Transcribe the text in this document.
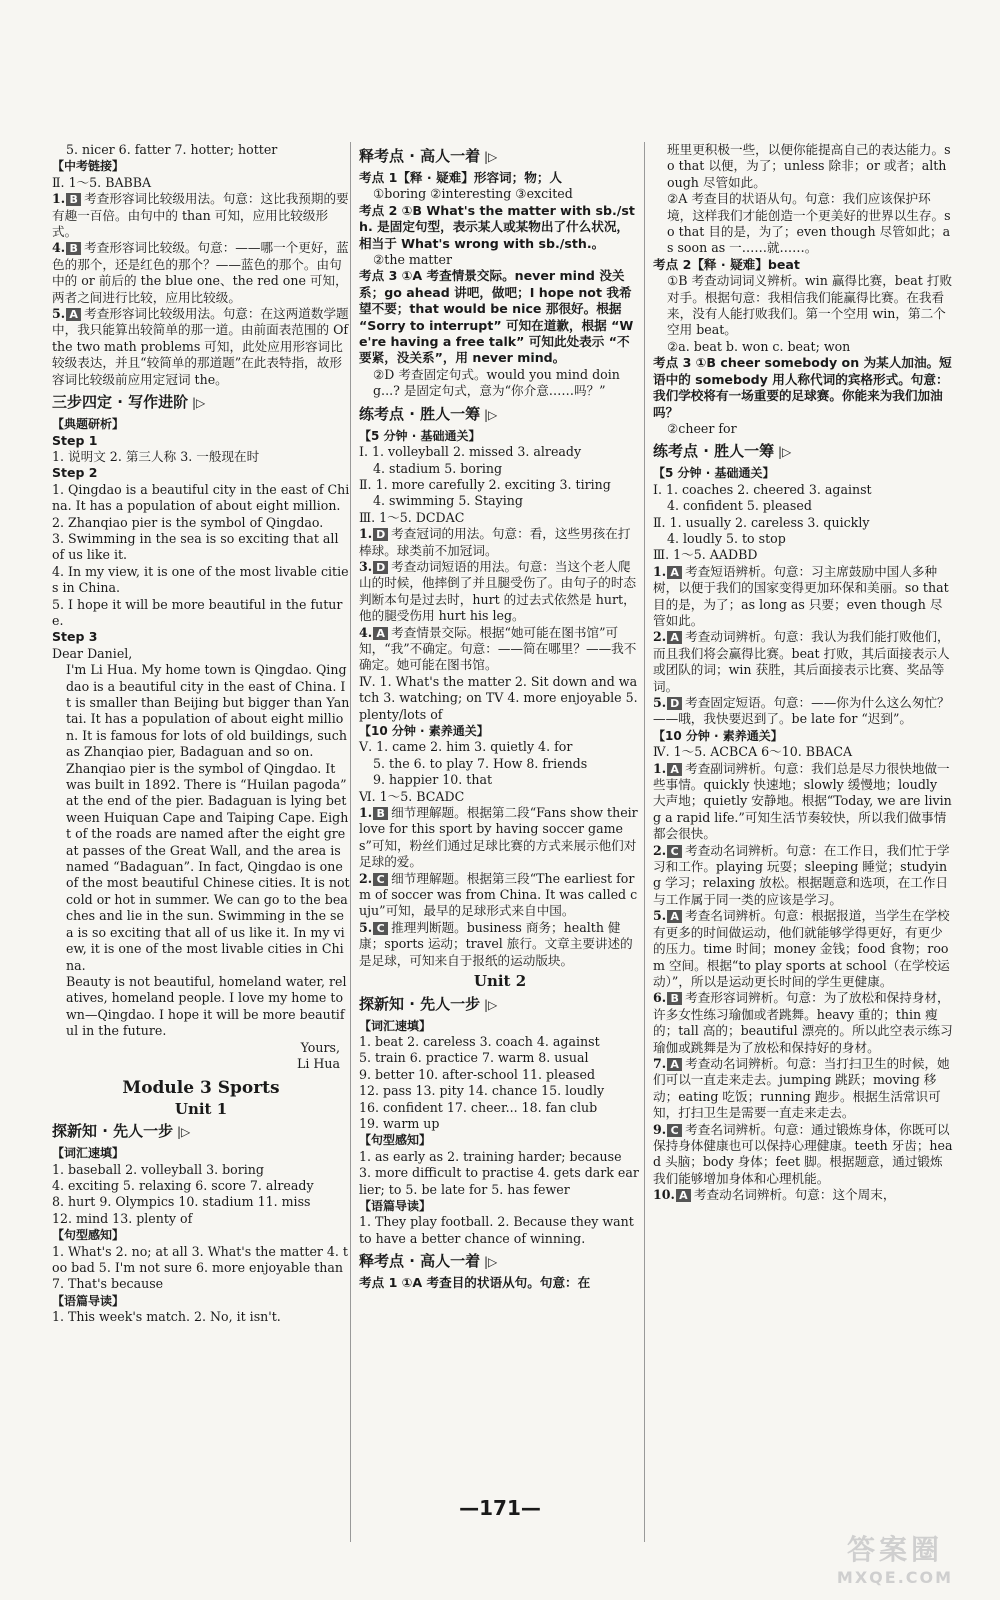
5. nicer 6. fatter 7. hotter; hotter
【中考链接】
Ⅱ. 1～5. BABBA
1. B 考查形容词比较级用法。句意：这比我预期的要有趣一百倍。由句中的 than 可知，应用比较级形式。
4. B 考查形容词比较级。句意：——哪一个更好，蓝色的那个，还是红色的那个？——蓝色的那个。由句中的 or 前后的 the blue one、the red one 可知，两者之间进行比较，应用比较级。
5. A 考查形容词比较级用法。句意：在这两道数学题中，我只能算出较简单的那一道。由前面表范围的 Of the two math problems 可知，此处应用形容词比较级表达，并且“较简单的那道题”在此表特指，故形容词比较级前应用定冠词 the。
三步四定 · 写作进阶 |▷
【典题研析】
Step 1
1. 说明文 2. 第三人称 3. 一般现在时
Step 2
1. Qingdao is a beautiful city in the east of China. It has a population of about eight million.
2. Zhanqiao pier is the symbol of Qingdao.
3. Swimming in the sea is so exciting that all of us like it.
4. In my view, it is one of the most livable cities in China.
5. I hope it will be more beautiful in the future.
Step 3
Dear Daniel,
I'm Li Hua. My home town is Qingdao. Qingdao is a beautiful city in the east of China. It is smaller than Beijing but bigger than Yantai. It has a population of about eight million. It is famous for lots of old buildings, such as Zhanqiao pier, Badaguan and so on.
Zhanqiao pier is the symbol of Qingdao. It was built in 1892. There is “Huilan pagoda” at the end of the pier. Badaguan is lying between Huiquan Cape and Taiping Cape. Eight of the roads are named after the eight great passes of the Great Wall, and the area is named “Badaguan”. In fact, Qingdao is one of the most beautiful Chinese cities. It is not cold or hot in summer. We can go to the beaches and lie in the sun. Swimming in the sea is so exciting that all of us like it. In my view, it is one of the most livable cities in China.
Beauty is not beautiful, homeland water, relatives, homeland people. I love my home town—Qingdao. I hope it will be more beautiful in the future.
Yours,
Li Hua
Module 3 Sports
Unit 1
探新知 · 先人一步 |▷
【词汇速填】
1. baseball 2. volleyball 3. boring
4. exciting 5. relaxing 6. score 7. already
8. hurt 9. Olympics 10. stadium 11. miss
12. mind 13. plenty of
【句型感知】
1. What's 2. no; at all 3. What's the matter 4. too bad 5. I'm not sure 6. more enjoyable than 7. That's because
【语篇导读】
1. This week's match. 2. No, it isn't.
释考点 · 高人一着 |▷
考点 1【释 · 疑难】形容词；物；人
①boring ②interesting ③excited
考点 2 ①B What's the matter with sb./sth. 是固定句型，表示某人或某物出了什么状况，相当于 What's wrong with sb./sth.。
②the matter
考点 3 ①A 考查情景交际。never mind 没关系；go ahead 讲吧，做吧；I hope not 我希望不要；that would be nice 那很好。根据 “Sorry to interrupt” 可知在道歉，根据 “We're having a free talk” 可知此处表示 “不要紧，没关系”，用 never mind。
②D 考查固定句式。would you mind doing...? 是固定句式，意为“你介意……吗？”
练考点 · 胜人一筹 |▷
【5 分钟 · 基础通关】
Ⅰ. 1. volleyball 2. missed 3. already
4. stadium 5. boring
Ⅱ. 1. more carefully 2. exciting 3. tiring
4. swimming 5. Staying
Ⅲ. 1～5. DCDAC
1. D 考查冠词的用法。句意：看，这些男孩在打棒球。球类前不加冠词。
3. D 考查动词短语的用法。句意：当这个老人爬山的时候，他摔倒了并且腿受伤了。由句子的时态判断本句是过去时，hurt 的过去式依然是 hurt，他的腿受伤用 hurt his leg。
4. A 考查情景交际。根据“她可能在图书馆”可知，“我”不确定。句意：——简在哪里？——我不确定。她可能在图书馆。
Ⅳ. 1. What's the matter 2. Sit down and watch 3. watching; on TV 4. more enjoyable 5. plenty/lots of
【10 分钟 · 素养通关】
Ⅴ. 1. came 2. him 3. quietly 4. for
5. the 6. to play 7. How 8. friends
9. happier 10. that
Ⅵ. 1～5. BCADC
1. B 细节理解题。根据第二段“Fans show their love for this sport by having soccer games”可知，粉丝们通过足球比赛的方式来展示他们对足球的爱。
2. C 细节理解题。根据第三段“The earliest form of soccer was from China. It was called cuju”可知，最早的足球形式来自中国。
5. C 推理判断题。business 商务；health 健康；sports 运动；travel 旅行。文章主要讲述的是足球，可知来自于报纸的运动版块。
Unit 2
探新知 · 先人一步 |▷
【词汇速填】
1. beat 2. careless 3. coach 4. against
5. train 6. practice 7. warm 8. usual
9. better 10. after-school 11. pleased
12. pass 13. pity 14. chance 15. loudly
16. confident 17. cheer... 18. fan club
19. warm up
【句型感知】
1. as early as 2. training harder; because
3. more difficult to practise 4. gets dark earlier; to 5. be late for 5. has fewer
【语篇导读】
1. They play football. 2. Because they want to have a better chance of winning.
释考点 · 高人一着 |▷
考点 1 ①A 考查目的状语从句。句意：在
班里更积极一些，以便你能提高自己的表达能力。so that 以便，为了；unless 除非；or 或者；although 尽管如此。
②A 考查目的状语从句。句意：我们应该保护环境，这样我们才能创造一个更美好的世界以生存。so that 目的是，为了；even though 尽管如此；as soon as 一……就……。
考点 2【释 · 疑难】beat
①B 考查动词词义辨析。win 赢得比赛，beat 打败对手。根据句意：我相信我们能赢得比赛。在我看来，没有人能打败我们。第一个空用 win，第二个空用 beat。
②a. beat b. won c. beat; won
考点 3 ①B cheer somebody on 为某人加油。短语中的 somebody 用人称代词的宾格形式。句意：我们学校将有一场重要的足球赛。你能来为我们加油吗？
②cheer for
练考点 · 胜人一筹 |▷
【5 分钟 · 基础通关】
Ⅰ. 1. coaches 2. cheered 3. against
4. confident 5. pleased
Ⅱ. 1. usually 2. careless 3. quickly
4. loudly 5. to stop
Ⅲ. 1～5. AADBD
1. A 考查短语辨析。句意：习主席鼓励中国人多种树，以便于我们的国家变得更加环保和美丽。so that 目的是，为了；as long as 只要；even though 尽管如此。
2. A 考查动词辨析。句意：我认为我们能打败他们，而且我们将会赢得比赛。beat 打败，其后面接表示人或团队的词；win 获胜，其后面接表示比赛、奖品等词。
5. D 考查固定短语。句意：——你为什么这么匆忙？——哦，我快要迟到了。be late for “迟到”。
【10 分钟 · 素养通关】
Ⅳ. 1～5. ACBCA 6～10. BBACA
1. A 考查副词辨析。句意：我们总是尽力很快地做一些事情。quickly 快速地；slowly 缓慢地；loudly 大声地；quietly 安静地。根据“Today, we are living a rapid life.”可知生活节奏较快，所以我们做事情都会很快。
2. C 考查动名词辨析。句意：在工作日，我们忙于学习和工作。playing 玩耍；sleeping 睡觉；studying 学习；relaxing 放松。根据题意和选项，在工作日与工作属于同一类的应该是学习。
5. A 考查名词辨析。句意：根据报道，当学生在学校有更多的时间做运动，他们就能够学得更好，有更少的压力。time 时间；money 金钱；food 食物；room 空间。根据“to play sports at school（在学校运动）”，所以是运动更长时间的学生更健康。
6. B 考查形容词辨析。句意：为了放松和保持身材，许多女性练习瑜伽或者跳舞。heavy 重的；thin 瘦的；tall 高的；beautiful 漂亮的。所以此空表示练习瑜伽或跳舞是为了放松和保持好的身材。
7. A 考查动名词辨析。句意：当打扫卫生的时候，她们可以一直走来走去。jumping 跳跃；moving 移动；eating 吃饭；running 跑步。根据生活常识可知，打扫卫生是需要一直走来走去。
9. C 考查名词辨析。句意：通过锻炼身体，你既可以保持身体健康也可以保持心理健康。teeth 牙齿；head 头脑；body 身体；feet 脚。根据题意，通过锻炼我们能够增加身体和心理机能。
10. A 考查动名词辨析。句意：这个周末，
—171—
答案圈
MXQE.COM
